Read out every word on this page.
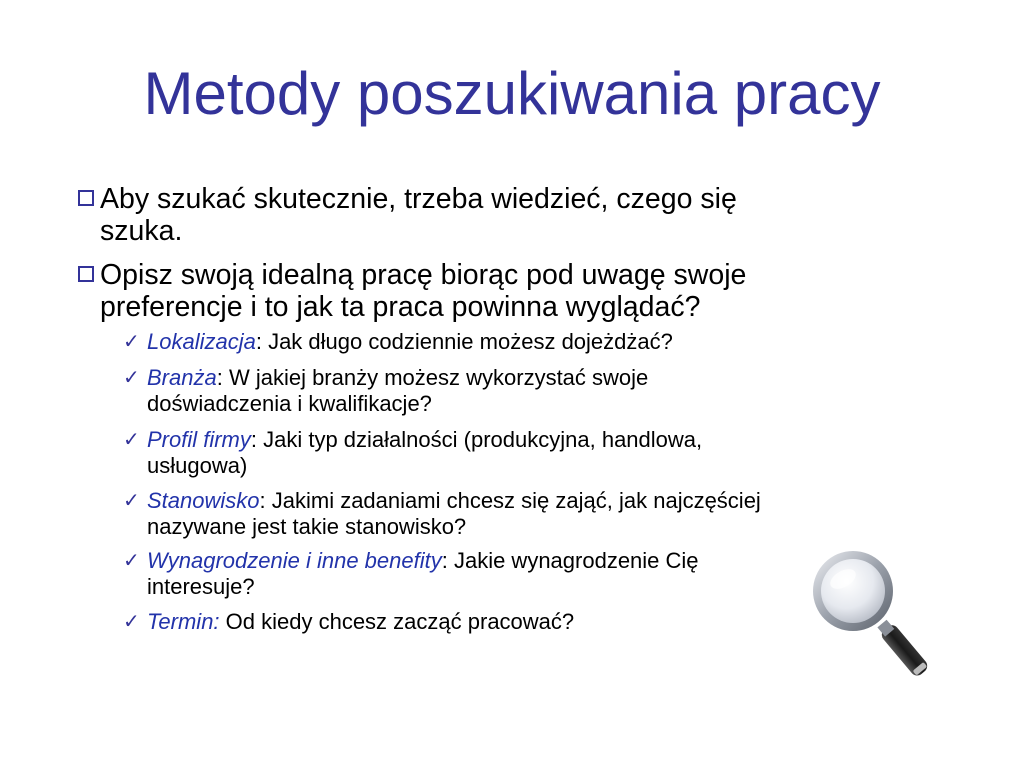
Metody poszukiwania pracy
Aby szukać skutecznie, trzeba wiedzieć, czego się
szuka.
Opisz swoją idealną pracę biorąc pod uwagę swoje
preferencje i to jak ta praca powinna wyglądać?
✓ Lokalizacja: Jak długo codziennie możesz dojeżdżać?
✓ Branża: W jakiej branży możesz wykorzystać swoje
doświadczenia i kwalifikacje?
✓ Profil firmy: Jaki typ działalności (produkcyjna, handlowa,
usługowa)
✓ Stanowisko: Jakimi zadaniami chcesz się zająć, jak najczęściej
nazywane jest takie stanowisko?
✓ Wynagrodzenie i inne benefity: Jakie wynagrodzenie Cię
interesuje?
✓ Termin: Od kiedy chcesz zacząć pracować?
